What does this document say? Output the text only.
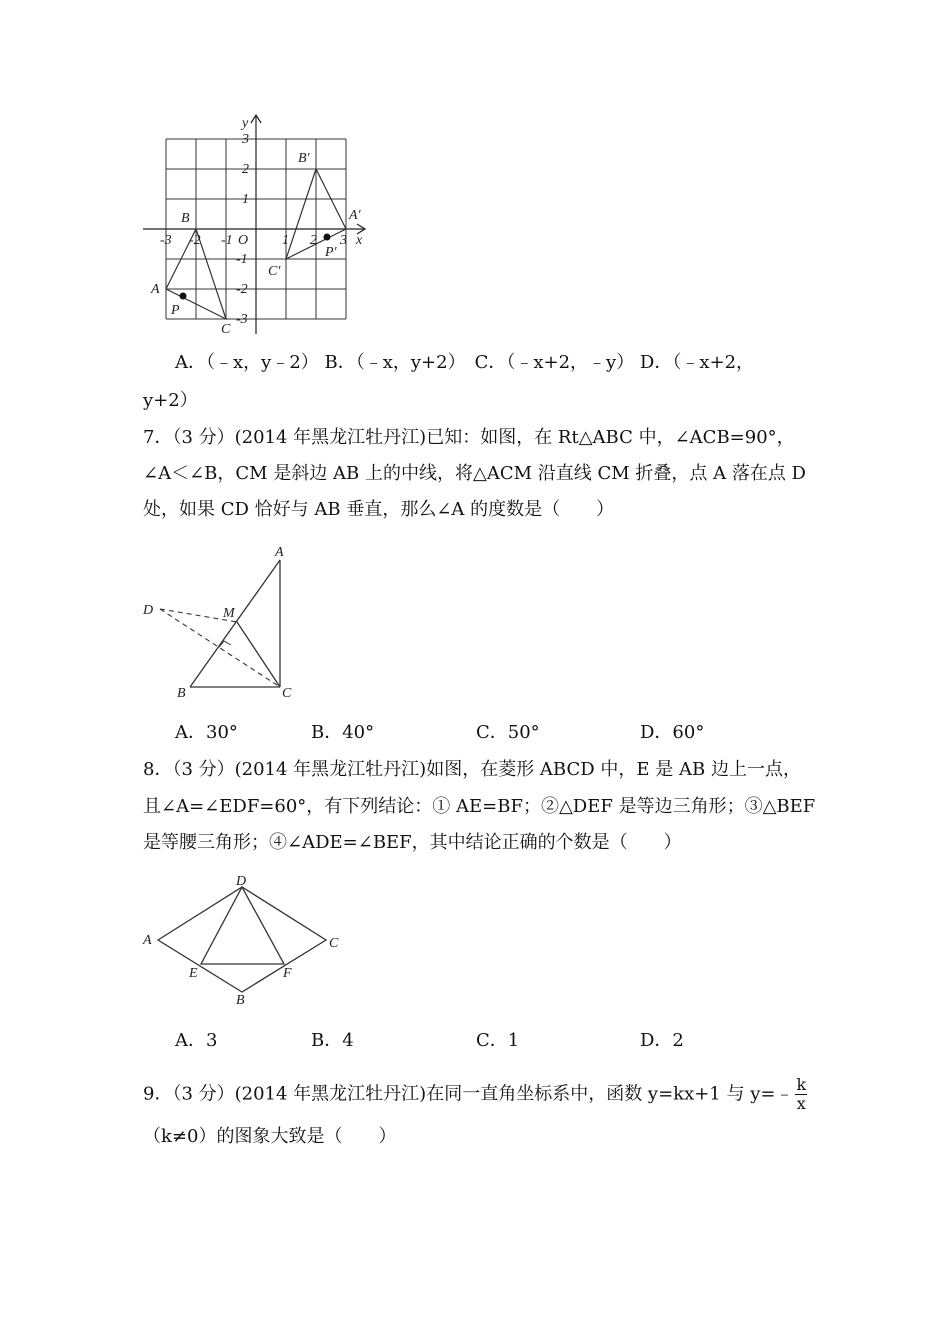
-3 -2 -1 O 1 2 3
3
2
1
-1
-2
-3
x
y
A
B
C
P
A′
B′
C′
P′
A．（﹣x，y﹣2） B．（﹣x，y+2）　C．（﹣x+2，﹣y） D．（﹣x+2，
y+2）
7．（3 分）(2014 年黑龙江牡丹江)已知：如图，在 Rt△ABC 中，∠ACB=90°，
∠A＜∠B，CM 是斜边 AB 上的中线，将△ACM 沿直线 CM 折叠，点 A 落在点 D
处，如果 CD 恰好与 AB 垂直，那么∠A 的度数是（　　）
A
B	C
D	M
A．30°	B．40°	C．50°	D．60°
8．（3 分）(2014 年黑龙江牡丹江)如图，在菱形 ABCD 中，E 是 AB 边上一点，
且∠A=∠EDF=60°，有下列结论：① AE=BF；②△DEF 是等边三角形；③△BEF
是等腰三角形；④∠ADE=∠BEF，其中结论正确的个数是（　　）
A
B
C
D
E	F
A．3	B．4	C．1	D．2
9．（3 分）(2014 年黑龙江牡丹江)在同一直角坐标系中，函数 y=kx+1 与 y=﹣ $\frac{k}{x}$
（k≠0）的图象大致是（　　）
